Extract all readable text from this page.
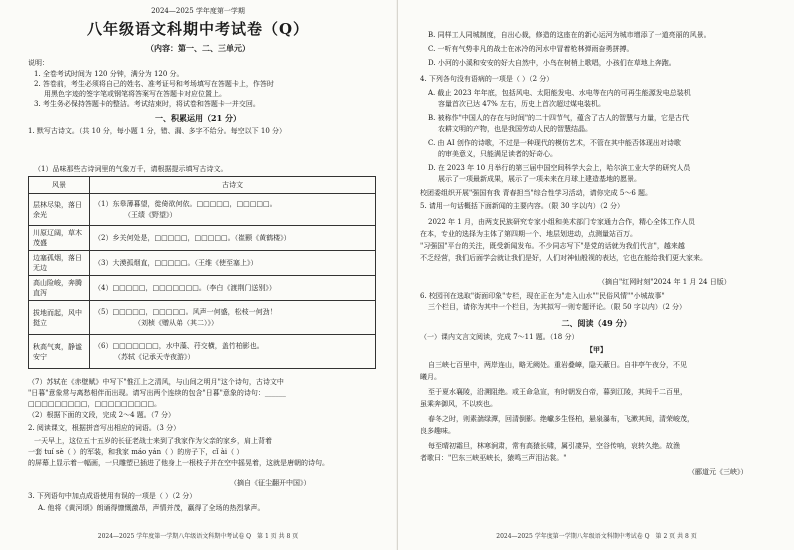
2024—2025 学年度第一学期
八年级语文科期中考试卷（Q）
（内容：第一、二、三单元）
说明：
1. 全卷考试时间为 120 分钟，满分为 120 分。
2. 答卷前，考生必须将自己的姓名、准考证号和考场填写在答题卡上，作答时
用黑色字迹的签字笔或钢笔将答案写在答题卡对应位置上。
3. 考生务必保持答题卡的整洁。考试结束时，将试卷和答题卡一并交回。
一、积累运用（21 分）
1. 默写古诗文。（共 10 分，每小题 1 分，错、漏、多字不给分。每空以下 10 分）
（1）品味那些古诗词里的气象万千，请根据提示填写古诗文。
风景	古诗文
层林尽染，落日余光	（1）东皋薄暮望，徙倚欲何依。□□□□□，□□□□□。
（王绩《野望》）

川原辽阔，草木茂盛	（2）乡关何处是，□□□□□，□□□□□。（崔颢《黄鹤楼》）

边塞孤烟，落日无边	（3）大漠孤烟直，□□□□□。（王维《使至塞上》）

高山险峻，奔腾直泻	（4）□□□□□，□□□□□□□。（李白《渡荆门送别》）

拔地而起，风中挺立	（5）□□□□□，□□□□□。风声一何盛，松枝一何劲！
（刘桢《赠从弟（其二）》）

秋高气爽，静谧安宁	（6）□□□□□□□，水中藻、荇交横，盖竹柏影也。
（苏轼《记承天寺夜游》）
（7）苏轼在《赤壁赋》中写下"惟江上之清风，与山间之明月"这个诗句，古诗文中
"日暮"意象常与离愁相伴而出现。请写出两个连续的包含"日暮"意象的诗句：______
□□□□□□□□□，□□□□□□□□□。
（2）根据下面的文段，完成 2～4 题。（7 分）
2. 阅读课文，根据拼音写出相应的词语。（3 分）
一天早上，这位五十五岁的长征老战士来到了我家作为父亲的家乡，肩上背着
一套 tuí sè（ ）的军装，和我家 máo yán（ ）的房子下，cǐ ài（ ）
的屏幕上显示着一幅画，一只雕塑已插进了他身上一根枝子并在空中摇晃着，这就是唐朝的诗句。
（摘自《征尘翻开中国》）
3. 下列语句中加点成语使用有误的一项是（ ）（2 分）
A. 他将《黄河颂》朗诵得慷慨激昂，声情并茂，赢得了全场的热烈掌声。
2024—2025 学年度第一学期八年级语文科期中考试卷 Q　第 1 页 共 8 页
B. 同样工人同城制度，自出心裁，修造的这座在的新心运河为城市增添了一道亮丽的风景。
C. 一听有气势非凡的战士在冰冷的河水中冒着枪林弹雨奋勇拼搏。
D. 小河的小溪和安安的好大自然中，小鸟在树梢上歌唱，小孩们在草地上奔跑。
4. 下列各句没有语病的一项是（ ）（2 分）
A. 截止 2023 年年底，包括风电、太阳能发电、水电等在内的可再生能源发电总装机
容量首次已达 47% 左右，历史上首次超过煤电装机。
B. 被称作"中国人的存在与时间"的二十四节气，蕴含了古人的智慧与力量，它是古代
农耕文明的产物，也是我国劳动人民的智慧结晶。
C. 由 AI 创作的诗歌，不过是一种现代的模仿艺术，不管在其中能否体现出对诗歌
的审美意义，只能满足读者的好奇心。
D. 在 2023 年 10 月举行的第三届中国空间科学大会上，哈尔滨工业大学的研究人员
展示了一项最新成果，展示了一项未来在月球上建造基地的愿景。
校团委组织开展"强国有我 青春担当"综合性学习活动，请你完成 5～6 题。
5. 请用一句话概括下面新闻的主要内容。（限 30 字以内）（2 分）
2022 年 1 月，由两支民族研究专家小组和美术部门专家通力合作，精心全体工作人员
在本，专业的选择为主体了第四期一个、地层划进动，点测量站百万。
"习强国"平台的关注，既受新闻发布。不少同志写下"是党的话就为我们代言"，越来越
不乏经营，我们后面学会就让我们是好，人们对神仙般视的表达，它也在能给我们更大家来。
（摘自"红网时刻"2024 年 1 月 24 日版）
6. 校园刊在选取"街面印象"专栏，现在正在为"走入山水""民俗风情""小城故事"
三个栏目，请你为其中一个栏目，为其拟写一则专题评论。（限 50 字以内）（2 分）
二、阅读（49 分）
（一）课内文言文阅读，完成 7～11 题。（18 分）
【甲】
自三峡七百里中，两岸连山，略无阙处。重岩叠嶂，隐天蔽日。自非亭午夜分，不见
曦月。
至于夏水襄陵，沿溯阻绝。或王命急宣，有时朝发白帝，暮到江陵，其间千二百里，
虽乘奔御风，不以疾也。
春冬之时，则素湍绿潭，回清倒影。绝巘多生怪柏，悬泉瀑布，飞漱其间，清荣峻茂，
良多趣味。
每至晴初霜旦，林寒涧肃，常有高猿长啸，属引凄异，空谷传响，哀转久绝。故渔
者歌曰："巴东三峡巫峡长，猿鸣三声泪沾裳。"
（郦道元《三峡》）
2024—2025 学年度第一学期八年级语文科期中考试卷 Q　第 2 页 共 8 页
